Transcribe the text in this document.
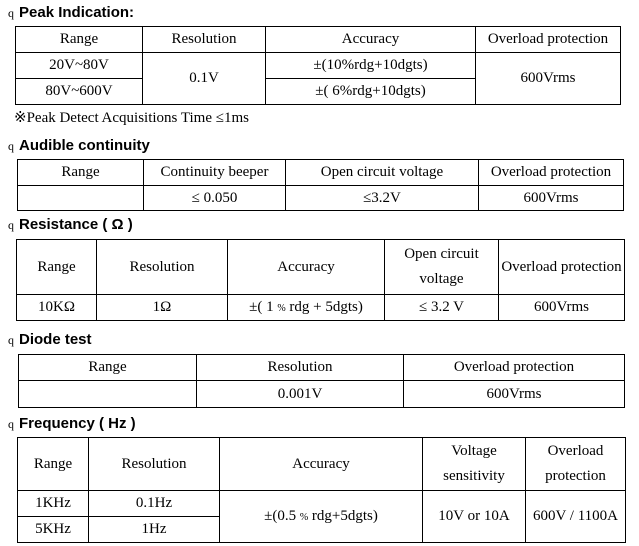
q Peak Indication:
Range	Resolution	Accuracy	Overload protection
20V~80V	0.1V	±(10%rdg+10dgts)	600Vrms
80V~600V		±( 6%rdg+10dgts)	
※Peak Detect Acquisitions Time ≤1ms
q Audible continuity
Range	Continuity beeper	Open circuit voltage	Overload protection
	≤ 0.050	≤3.2V	600Vrms
q Resistance ( Ω )
Range	Resolution	Accuracy	Open circuit voltage	Overload protection
10KΩ	1Ω	±( 1 % rdg + 5dgts)	≤ 3.2 V	600Vrms
q Diode test
Range	Resolution	Overload protection
	0.001V	600Vrms
q Frequency ( Hz )
Range	Resolution	Accuracy	Voltage sensitivity	Overload protection
1KHz	0.1Hz	±(0.5 % rdg+5dgts)	10V or 10A	600V / 1100A
5KHz	1Hz			
